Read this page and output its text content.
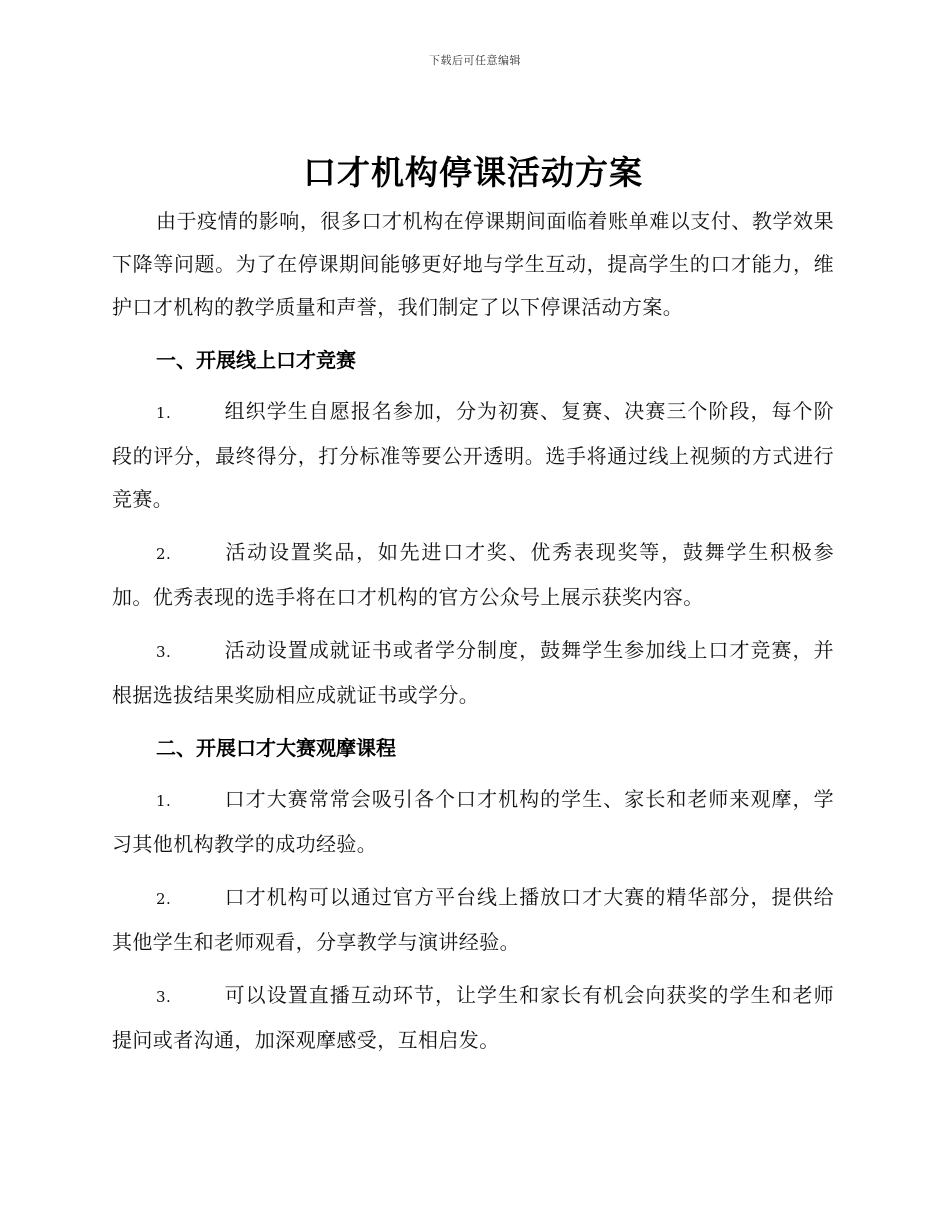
下载后可任意编辑
口才机构停课活动方案

由于疫情的影响，很多口才机构在停课期间面临着账单难以支付、教学效果下降等问题。为了在停课期间能够更好地与学生互动，提高学生的口才能力，维护口才机构的教学质量和声誉，我们制定了以下停课活动方案。

一、开展线上口才竞赛

1.	组织学生自愿报名参加，分为初赛、复赛、决赛三个阶段，每个阶段的评分，最终得分，打分标准等要公开透明。选手将通过线上视频的方式进行竞赛。

2.	活动设置奖品，如先进口才奖、优秀表现奖等，鼓舞学生积极参加。优秀表现的选手将在口才机构的官方公众号上展示获奖内容。

3.	活动设置成就证书或者学分制度，鼓舞学生参加线上口才竞赛，并根据选拔结果奖励相应成就证书或学分。

二、开展口才大赛观摩课程

1.	口才大赛常常会吸引各个口才机构的学生、家长和老师来观摩，学习其他机构教学的成功经验。

2.	口才机构可以通过官方平台线上播放口才大赛的精华部分，提供给其他学生和老师观看，分享教学与演讲经验。

3.	可以设置直播互动环节，让学生和家长有机会向获奖的学生和老师提问或者沟通，加深观摩感受，互相启发。
